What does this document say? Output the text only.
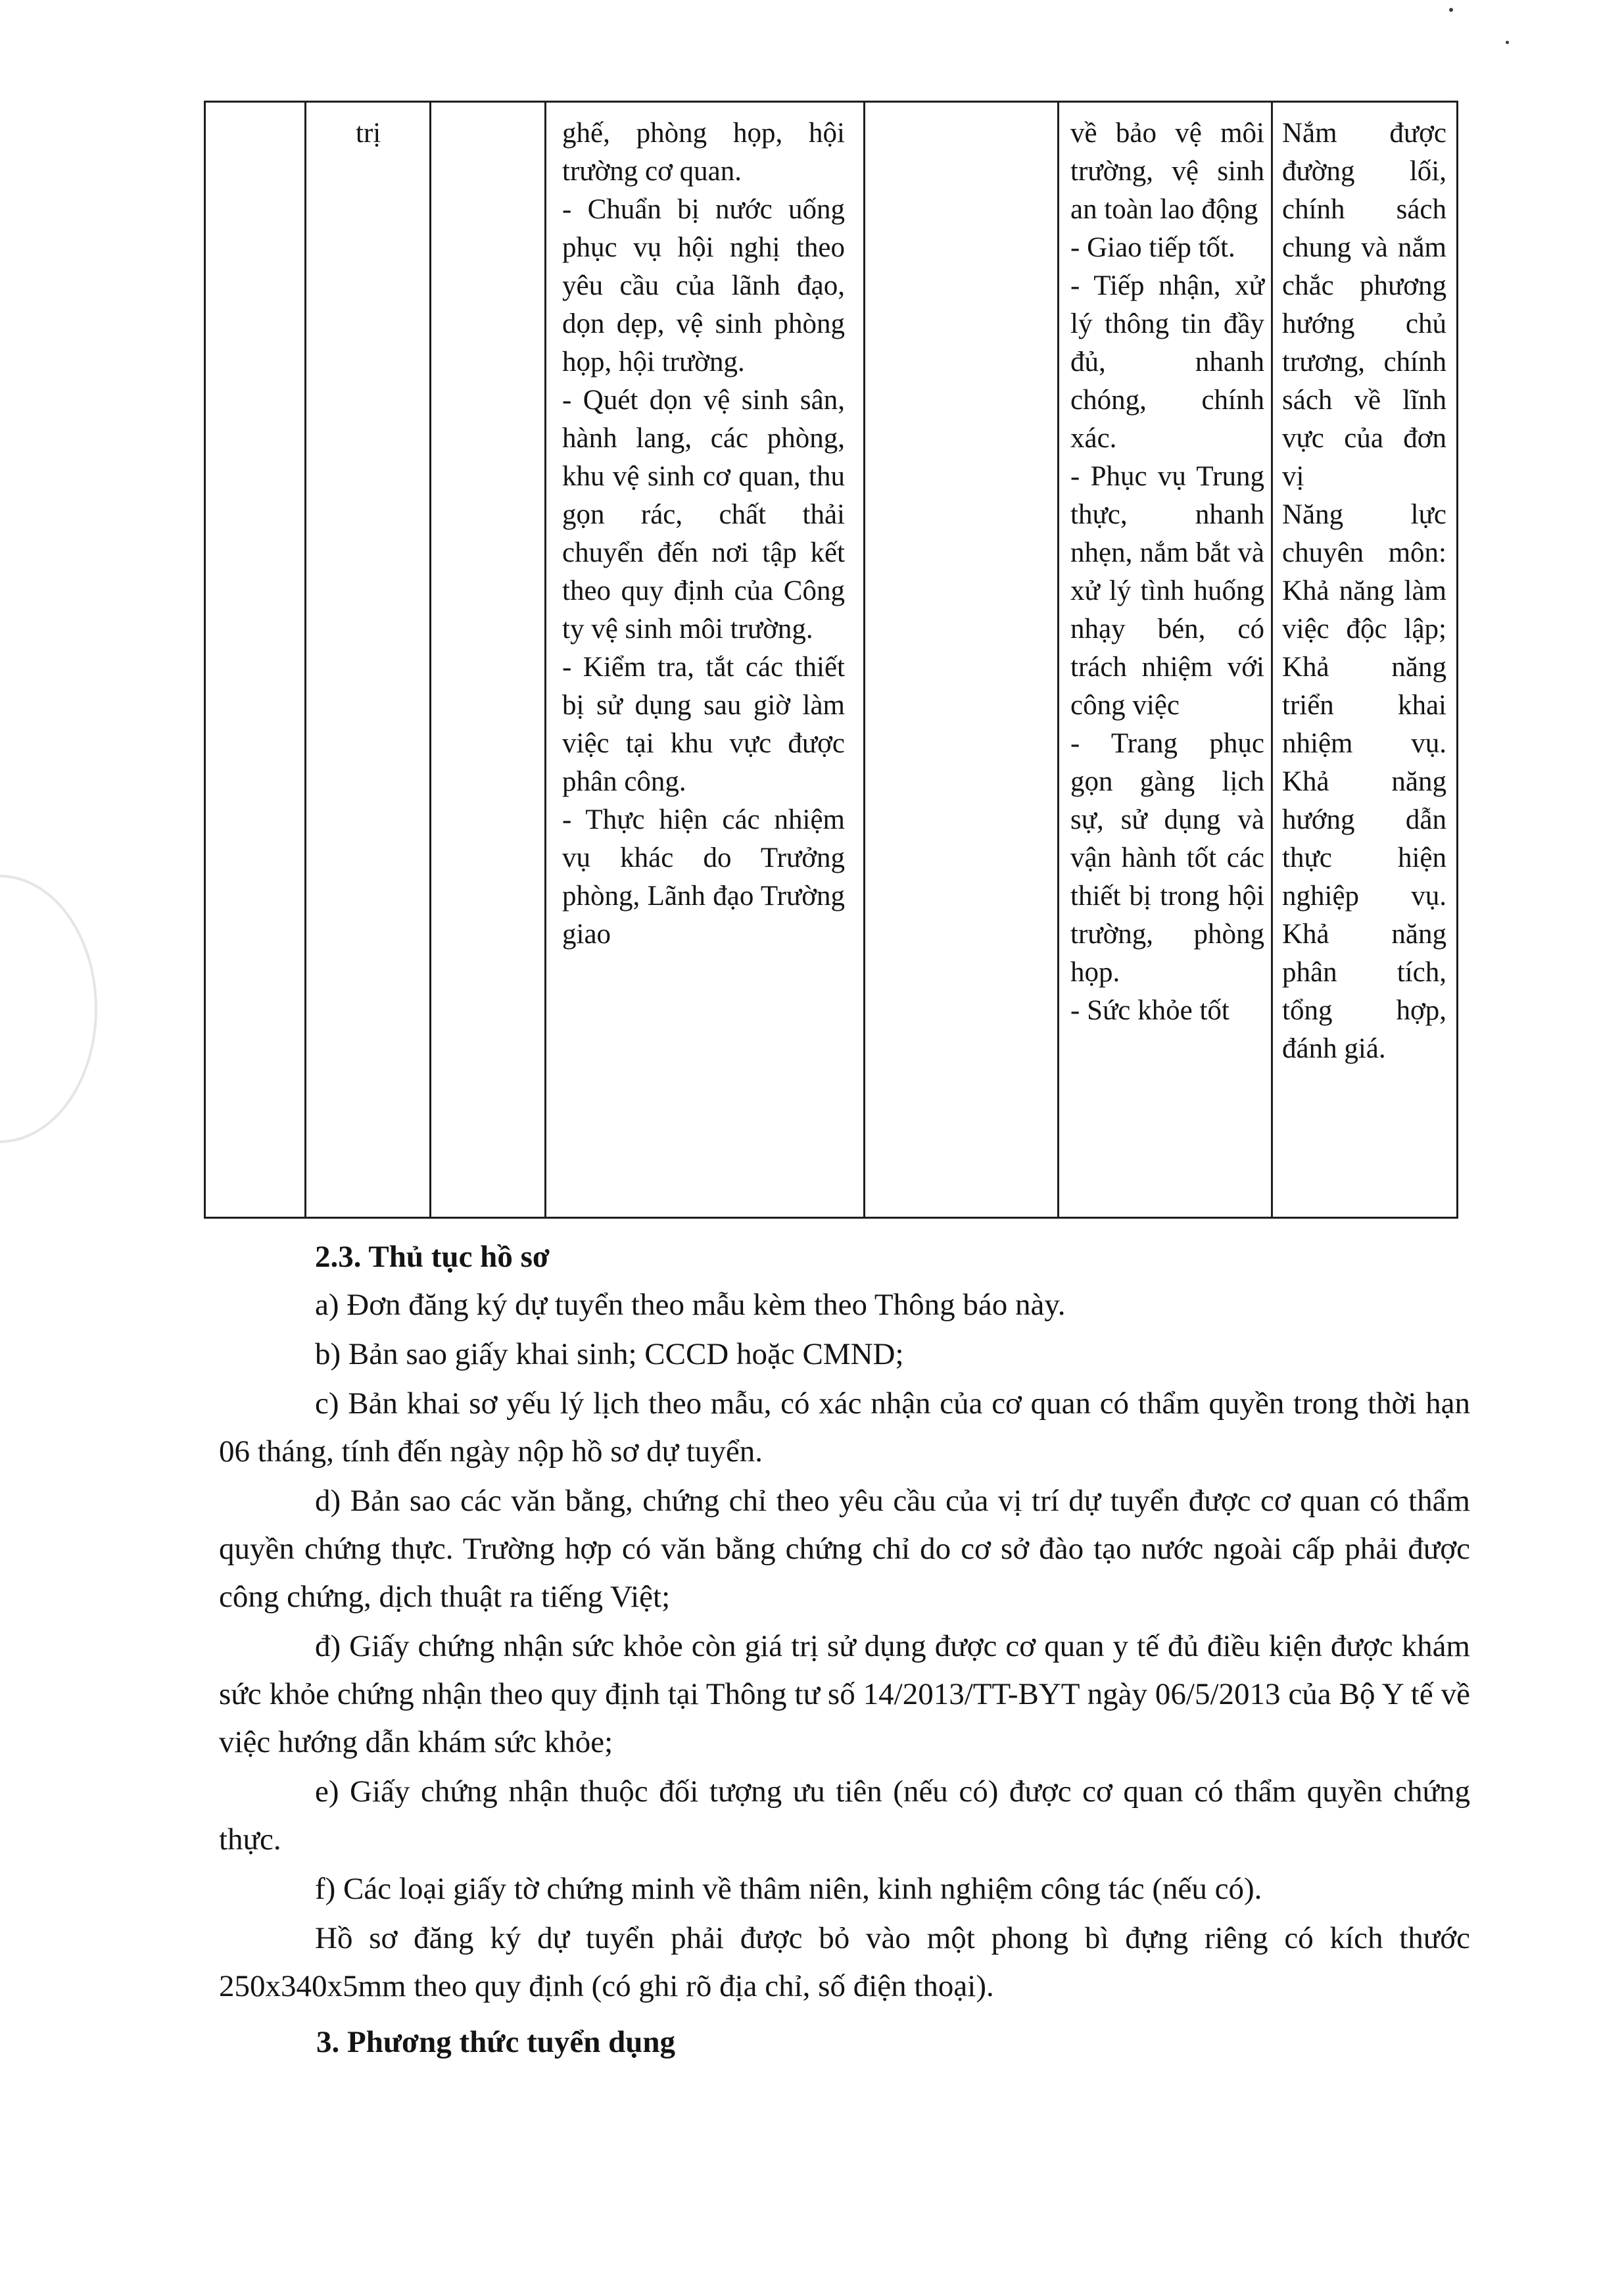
trị	ghế, phòng họp, hội trường cơ quan.

- Chuẩn bị nước uống phục vụ hội nghị theo yêu cầu của lãnh đạo, dọn dẹp, vệ sinh phòng họp, hội trường.

- Quét dọn vệ sinh sân, hành lang, các phòng, khu vệ sinh cơ quan, thu gọn rác, chất thải chuyển đến nơi tập kết theo quy định của Công ty vệ sinh môi trường.

- Kiểm tra, tắt các thiết bị sử dụng sau giờ làm việc tại khu vực được phân công.

- Thực hiện các nhiệm vụ khác do Trưởng phòng, Lãnh đạo Trường giao

về bảo vệ môi trường, vệ sinh an toàn lao động

- Giao tiếp tốt.

- Tiếp nhận, xử lý thông tin đầy đủ, nhanh chóng, chính xác.

- Phục vụ Trung thực, nhanh nhẹn, nắm bắt và xử lý tình huống nhạy bén, có trách nhiệm với công việc

- Trang phục gọn gàng lịch sự, sử dụng và vận hành tốt các thiết bị trong hội trường, phòng họp.

- Sức khỏe tốt

Nắm được đường lối, chính sách chung và nắm chắc phương hướng chủ trương, chính sách về lĩnh vực của đơn vị

Năng lực chuyên môn: Khả năng làm việc độc lập; Khả năng triển khai nhiệm vụ. Khả năng hướng dẫn thực hiện nghiệp vụ. Khả năng phân tích, tổng hợp, đánh giá.

2.3. Thủ tục hồ sơ

a) Đơn đăng ký dự tuyển theo mẫu kèm theo Thông báo này.

b) Bản sao giấy khai sinh; CCCD hoặc CMND;

c) Bản khai sơ yếu lý lịch theo mẫu, có xác nhận của cơ quan có thẩm quyền trong thời hạn 06 tháng, tính đến ngày nộp hồ sơ dự tuyển.

d) Bản sao các văn bằng, chứng chỉ theo yêu cầu của vị trí dự tuyển được cơ quan có thẩm quyền chứng thực. Trường hợp có văn bằng chứng chỉ do cơ sở đào tạo nước ngoài cấp phải được công chứng, dịch thuật ra tiếng Việt;

đ) Giấy chứng nhận sức khỏe còn giá trị sử dụng được cơ quan y tế đủ điều kiện được khám sức khỏe chứng nhận theo quy định tại Thông tư số 14/2013/TT-BYT ngày 06/5/2013 của Bộ Y tế về việc hướng dẫn khám sức khỏe;

e) Giấy chứng nhận thuộc đối tượng ưu tiên (nếu có) được cơ quan có thẩm quyền chứng thực.

f) Các loại giấy tờ chứng minh về thâm niên, kinh nghiệm công tác (nếu có).

Hồ sơ đăng ký dự tuyển phải được bỏ vào một phong bì đựng riêng có kích thước 250x340x5mm theo quy định (có ghi rõ địa chỉ, số điện thoại).

3. Phương thức tuyển dụng
